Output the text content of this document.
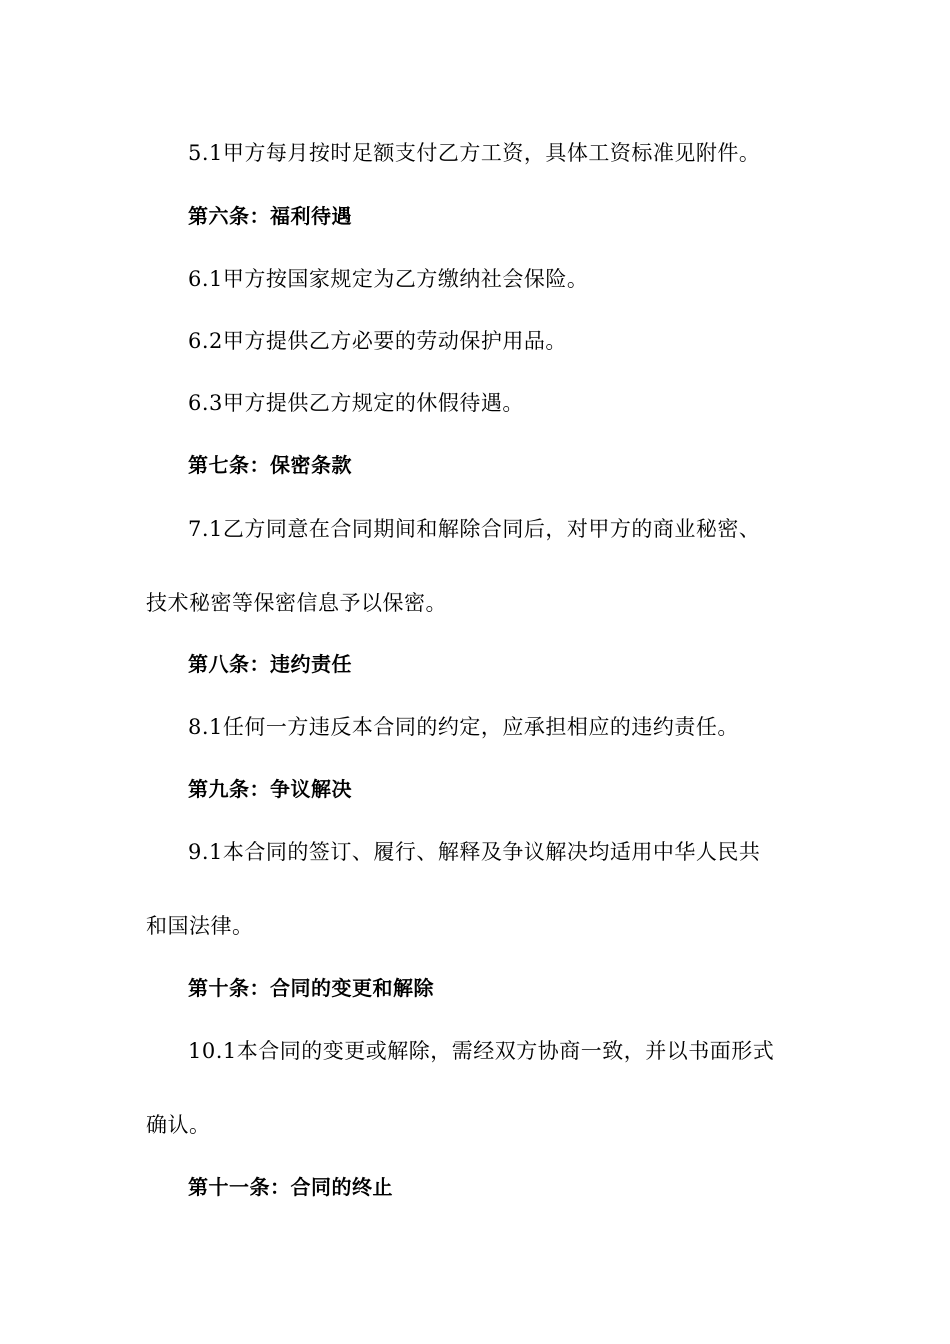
5.1甲方每月按时足额支付乙方工资，具体工资标准见附件。
第六条：福利待遇
6.1甲方按国家规定为乙方缴纳社会保险。
6.2甲方提供乙方必要的劳动保护用品。
6.3甲方提供乙方规定的休假待遇。
第七条：保密条款
7.1乙方同意在合同期间和解除合同后，对甲方的商业秘密、
技术秘密等保密信息予以保密。
第八条：违约责任
8.1任何一方违反本合同的约定，应承担相应的违约责任。
第九条：争议解决
9.1本合同的签订、履行、解释及争议解决均适用中华人民共
和国法律。
第十条：合同的变更和解除
10.1本合同的变更或解除，需经双方协商一致，并以书面形式
确认。
第十一条：合同的终止
